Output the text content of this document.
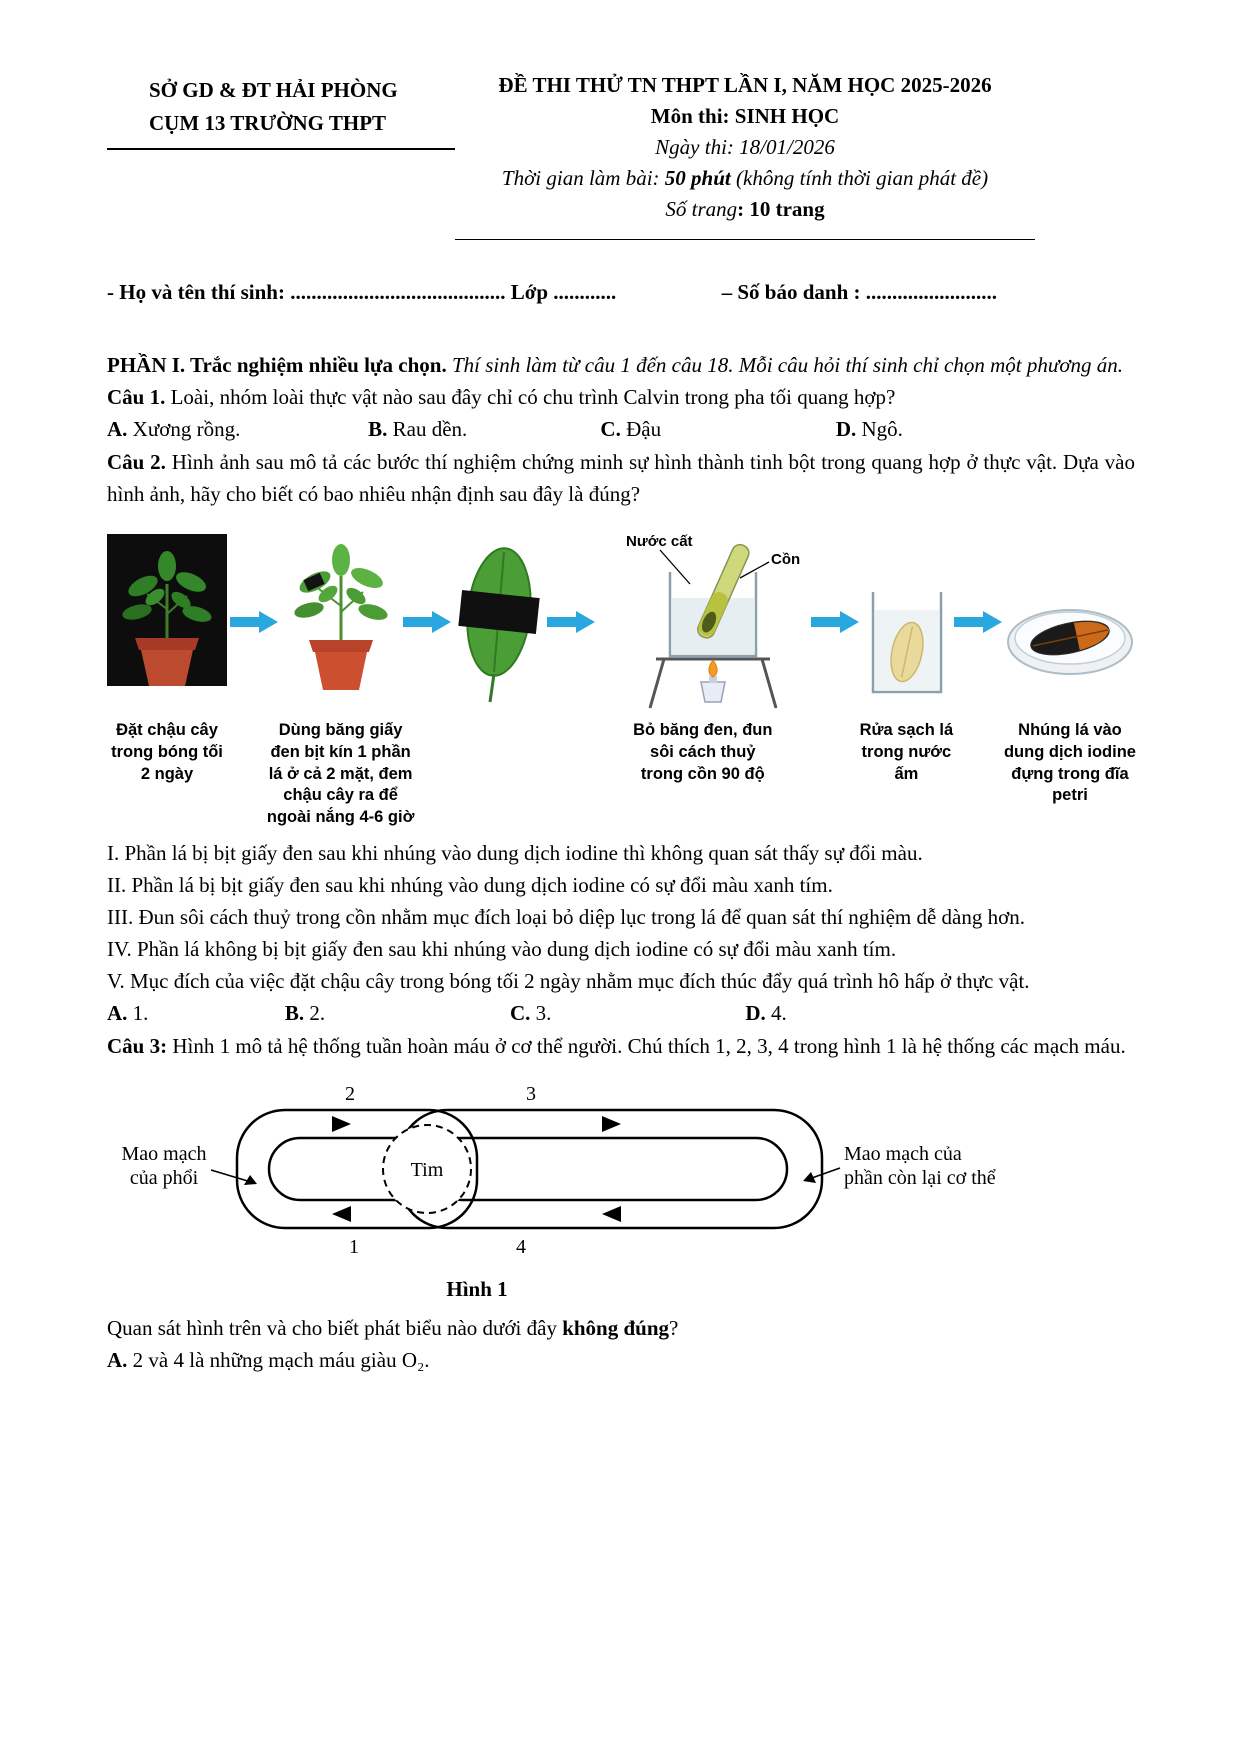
SỞ GD & ĐT HẢI PHÒNG
CỤM 13 TRƯỜNG THPT
ĐỀ THI THỬ TN THPT LẦN I, NĂM HỌC 2025-2026
Môn thi: SINH HỌC
Ngày thi: 18/01/2026
Thời gian làm bài: 50 phút (không tính thời gian phát đề)
Số trang: 10 trang
- Họ và tên thí sinh: ......................................... Lớp ............	– Số báo danh : .........................

PHẦN I. Trắc nghiệm nhiều lựa chọn. Thí sinh làm từ câu 1 đến câu 18. Mỗi câu hỏi thí sinh chỉ chọn một phương án.

Câu 1. Loài, nhóm loài thực vật nào sau đây chỉ có chu trình Calvin trong pha tối quang hợp?

A. Xương rồng.	B. Rau dền.	C. Đậu	D. Ngô.

Câu 2. Hình ảnh sau mô tả các bước thí nghiệm chứng minh sự hình thành tinh bột trong quang hợp ở thực vật. Dựa vào hình ảnh, hãy cho biết có bao nhiêu nhận định sau đây là đúng?

Đặt chậu cây trong bóng tối 2 ngày
Dùng băng giấy đen bịt kín 1 phần lá ở cả 2 mặt, đem chậu cây ra để ngoài nắng 4-6 giờ
Nước cất
Cồn
Bỏ băng đen, đun sôi cách thuỷ trong cồn 90 độ
Rửa sạch lá trong nước ấm
Nhúng lá vào dung dịch iodine đựng trong đĩa petri

I. Phần lá bị bịt giấy đen sau khi nhúng vào dung dịch iodine thì không quan sát thấy sự đổi màu.

II. Phần lá bị bịt giấy đen sau khi nhúng vào dung dịch iodine có sự đổi màu xanh tím.

III. Đun sôi cách thuỷ trong cồn nhằm mục đích loại bỏ diệp lục trong lá để quan sát thí nghiệm dễ dàng hơn.

IV. Phần lá không bị bịt giấy đen sau khi nhúng vào dung dịch iodine có sự đổi màu xanh tím.

V. Mục đích của việc đặt chậu cây trong bóng tối 2 ngày nhằm mục đích thúc đẩy quá trình hô hấp ở thực vật.

A. 1.	B. 2.	C. 3.	D. 4.

Câu 3: Hình 1 mô tả hệ thống tuần hoàn máu ở cơ thể người. Chú thích 1, 2, 3, 4 trong hình 1 là hệ thống các mạch máu.

Tim
2	3
1	4
Mao mạch
của phổi
Mao mạch của
phần còn lại cơ thể
Hình 1

Quan sát hình trên và cho biết phát biểu nào dưới đây không đúng?

A. 2 và 4 là những mạch máu giàu O₂.
